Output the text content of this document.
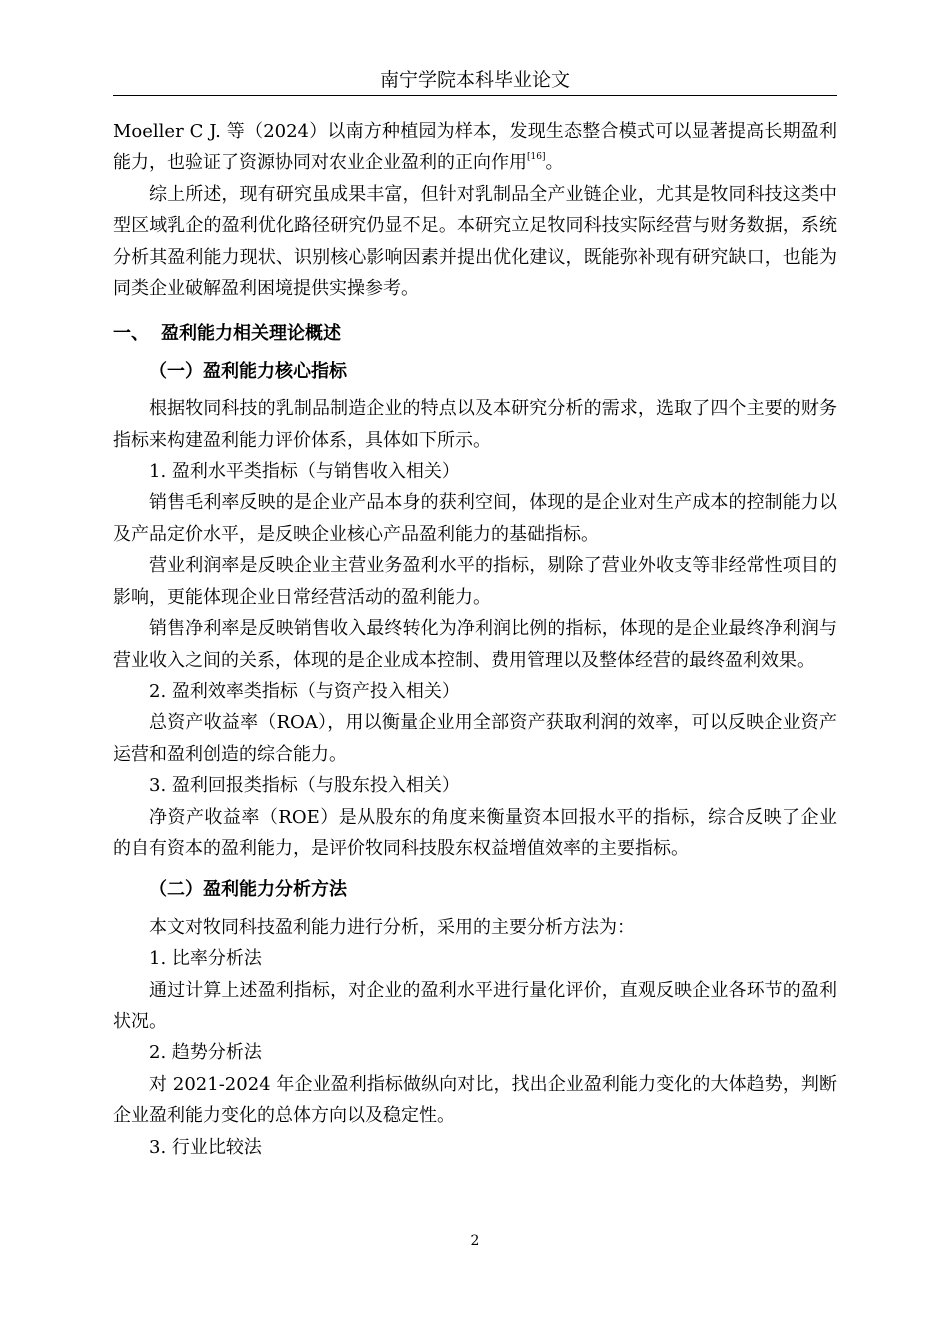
南宁学院本科毕业论文

Moeller C J. 等（2024）以南方种植园为样本，发现生态整合模式可以显著提高长期盈利能力，也验证了资源协同对农业企业盈利的正向作用[16]。

综上所述，现有研究虽成果丰富，但针对乳制品全产业链企业，尤其是牧同科技这类中型区域乳企的盈利优化路径研究仍显不足。本研究立足牧同科技实际经营与财务数据，系统分析其盈利能力现状、识别核心影响因素并提出优化建议，既能弥补现有研究缺口，也能为同类企业破解盈利困境提供实操参考。

一、 盈利能力相关理论概述
（一）盈利能力核心指标

根据牧同科技的乳制品制造企业的特点以及本研究分析的需求，选取了四个主要的财务指标来构建盈利能力评价体系，具体如下所示。

1. 盈利水平类指标（与销售收入相关）

销售毛利率反映的是企业产品本身的获利空间，体现的是企业对生产成本的控制能力以及产品定价水平，是反映企业核心产品盈利能力的基础指标。

营业利润率是反映企业主营业务盈利水平的指标，剔除了营业外收支等非经常性项目的影响，更能体现企业日常经营活动的盈利能力。

销售净利率是反映销售收入最终转化为净利润比例的指标，体现的是企业最终净利润与营业收入之间的关系，体现的是企业成本控制、费用管理以及整体经营的最终盈利效果。

2. 盈利效率类指标（与资产投入相关）

总资产收益率（ROA），用以衡量企业用全部资产获取利润的效率，可以反映企业资产运营和盈利创造的综合能力。

3. 盈利回报类指标（与股东投入相关）

净资产收益率（ROE）是从股东的角度来衡量资本回报水平的指标，综合反映了企业的自有资本的盈利能力，是评价牧同科技股东权益增值效率的主要指标。

（二）盈利能力分析方法

本文对牧同科技盈利能力进行分析，采用的主要分析方法为：

1. 比率分析法

通过计算上述盈利指标，对企业的盈利水平进行量化评价，直观反映企业各环节的盈利状况。

2. 趋势分析法

对 2021-2024 年企业盈利指标做纵向对比，找出企业盈利能力变化的大体趋势，判断企业盈利能力变化的总体方向以及稳定性。

3. 行业比较法

2
